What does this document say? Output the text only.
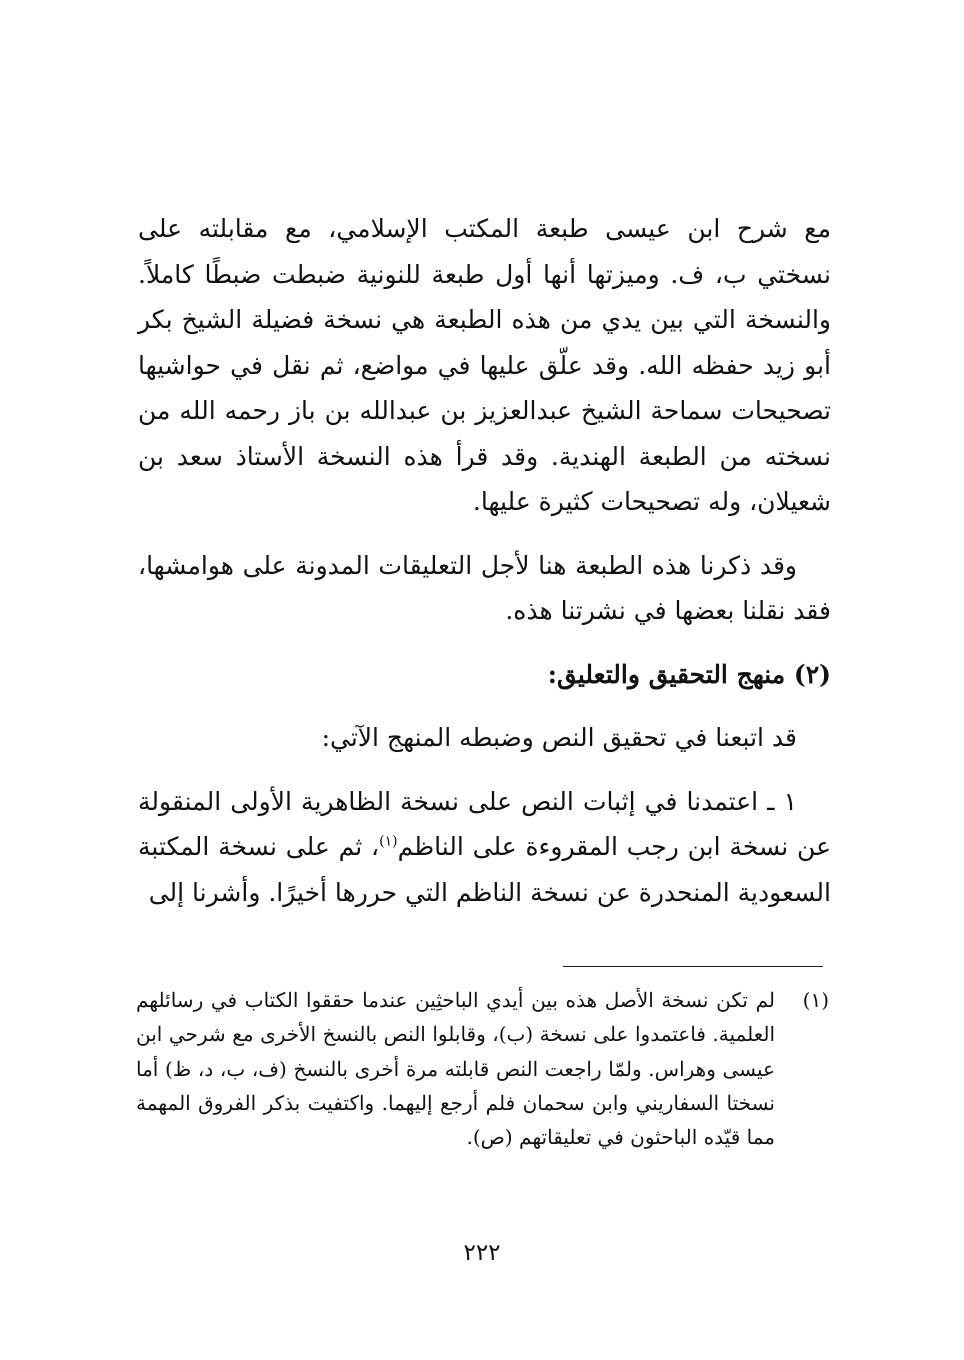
مع شرح ابن عيسى طبعة المكتب الإسلامي، مع مقابلته على نسختي ب، ف. وميزتها أنها أول طبعة للنونية ضبطت ضبطًا كاملاً. والنسخة التي بين يدي من هذه الطبعة هي نسخة فضيلة الشيخ بكر أبو زيد حفظه الله. وقد علّق عليها في مواضع، ثم نقل في حواشيها تصحيحات سماحة الشيخ عبدالعزيز بن عبدالله بن باز رحمه الله من نسخته من الطبعة الهندية. وقد قرأ هذه النسخة الأستاذ سعد بن شعيلان، وله تصحيحات كثيرة عليها.

وقد ذكرنا هذه الطبعة هنا لأجل التعليقات المدونة على هوامشها، فقد نقلنا بعضها في نشرتنا هذه.

(٢) منهج التحقيق والتعليق:

قد اتبعنا في تحقيق النص وضبطه المنهج الآتي:

١ ـ اعتمدنا في إثبات النص على نسخة الظاهرية الأولى المنقولة عن نسخة ابن رجب المقروءة على الناظم$^{(١)}$، ثم على نسخة المكتبة السعودية المنحدرة عن نسخة الناظم التي حررها أخيرًا. وأشرنا إلى

(١)
لم تكن نسخة الأصل هذه بين أيدي الباحثِين عندما حققوا الكتاب في رسائلهم العلمية. فاعتمدوا على نسخة (ب)، وقابلوا النص بالنسخ الأخرى مع شرحي ابن عيسى وهراس. ولمّا راجعت النص قابلته مرة أخرى بالنسخ (ف، ب، د، ظ) أما نسختا السفاريني وابن سحمان فلم أرجع إليهما. واكتفيت بذكر الفروق المهمة مما قيّده الباحثون في تعليقاتهم (ص).

٢٢٢
